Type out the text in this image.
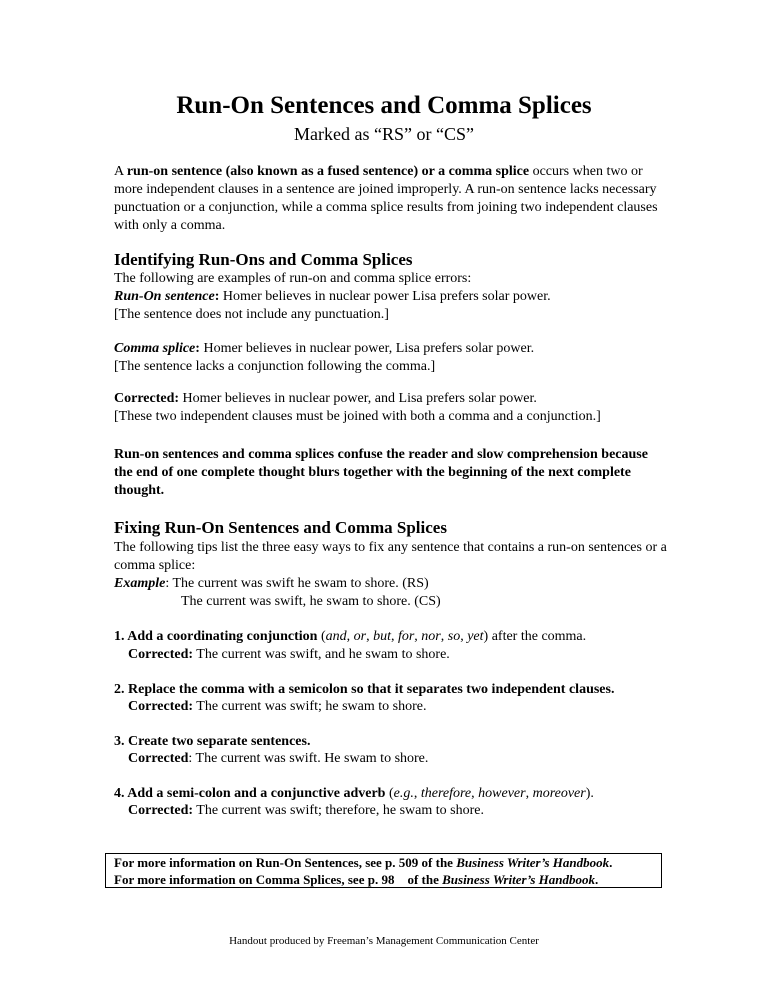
Run-On Sentences and Comma Splices
Marked as “RS” or “CS”
A run-on sentence (also known as a fused sentence) or a comma splice occurs when two or
more independent clauses in a sentence are joined improperly. A run-on sentence lacks necessary
punctuation or a conjunction, while a comma splice results from joining two independent clauses
with only a comma.
Identifying Run-Ons and Comma Splices
The following are examples of run-on and comma splice errors:
Run-On sentence: Homer believes in nuclear power Lisa prefers solar power.
[The sentence does not include any punctuation.]
Comma splice: Homer believes in nuclear power, Lisa prefers solar power.
[The sentence lacks a conjunction following the comma.]
Corrected: Homer believes in nuclear power, and Lisa prefers solar power.
[These two independent clauses must be joined with both a comma and a conjunction.]
Run-on sentences and comma splices confuse the reader and slow comprehension because
the end of one complete thought blurs together with the beginning of the next complete
thought.
Fixing Run-On Sentences and Comma Splices
The following tips list the three easy ways to fix any sentence that contains a run-on sentences or a
comma splice:
Example: The current was swift he swam to shore. (RS)
The current was swift, he swam to shore. (CS)
1. Add a coordinating conjunction (and, or, but, for, nor, so, yet) after the comma.
Corrected: The current was swift, and he swam to shore.
2. Replace the comma with a semicolon so that it separates two independent clauses.
Corrected: The current was swift; he swam to shore.
3. Create two separate sentences.
Corrected: The current was swift. He swam to shore.
4. Add a semi-colon and a conjunctive adverb (e.g., therefore, however, moreover).
Corrected: The current was swift; therefore, he swam to shore.
For more information on Run-On Sentences, see p. 509 of the Business Writer’s Handbook.
For more information on Comma Splices, see p. 98    of the Business Writer’s Handbook.
Handout produced by Freeman’s Management Communication Center
